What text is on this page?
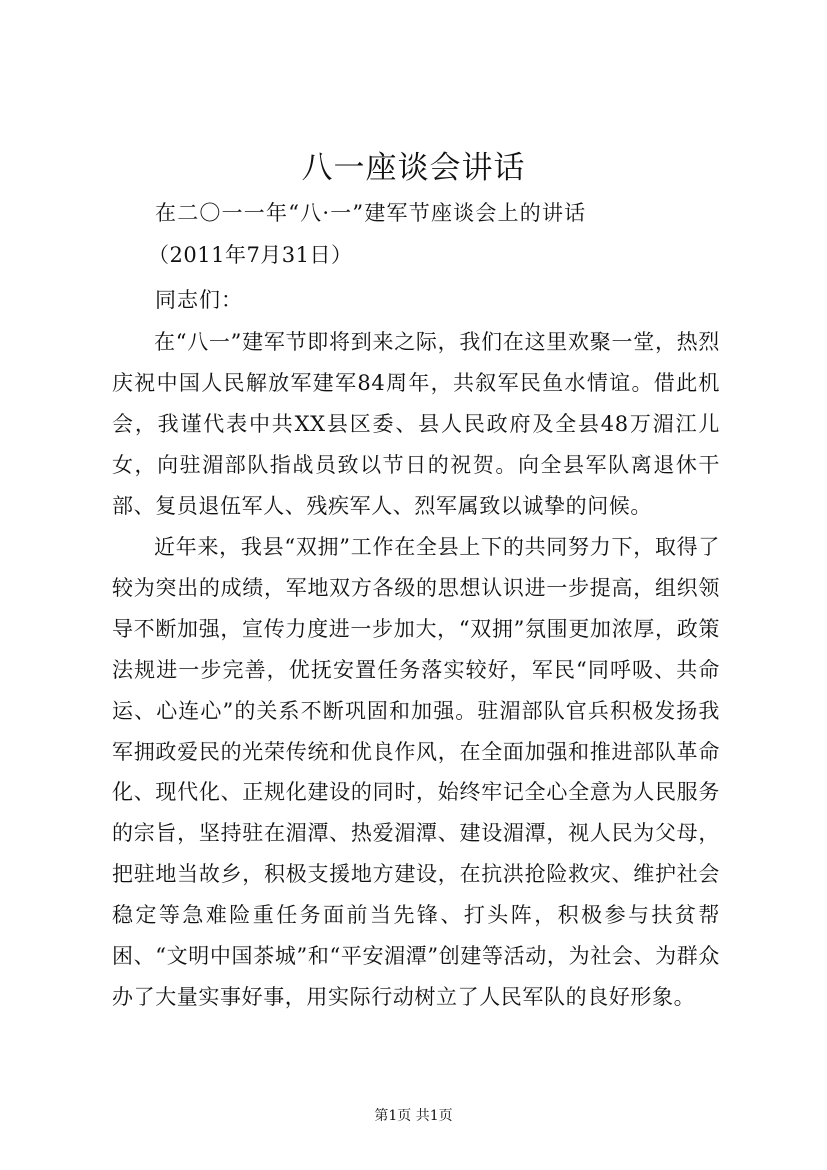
八一座谈会讲话
在二〇一一年“八·一”建军节座谈会上的讲话
（2011年7月31日）
同志们：
在“八一”建军节即将到来之际，我们在这里欢聚一堂，热烈庆祝中国人民解放军建军84周年，共叙军民鱼水情谊。借此机会，我谨代表中共XX县区委、县人民政府及全县48万湄江儿女，向驻湄部队指战员致以节日的祝贺。向全县军队离退休干部、复员退伍军人、残疾军人、烈军属致以诚挚的问候。
近年来，我县“双拥”工作在全县上下的共同努力下，取得了较为突出的成绩，军地双方各级的思想认识进一步提高，组织领导不断加强，宣传力度进一步加大，“双拥”氛围更加浓厚，政策法规进一步完善，优抚安置任务落实较好，军民“同呼吸、共命运、心连心”的关系不断巩固和加强。驻湄部队官兵积极发扬我军拥政爱民的光荣传统和优良作风，在全面加强和推进部队革命化、现代化、正规化建设的同时，始终牢记全心全意为人民服务的宗旨，坚持驻在湄潭、热爱湄潭、建设湄潭，视人民为父母，把驻地当故乡，积极支援地方建设，在抗洪抢险救灾、维护社会稳定等急难险重任务面前当先锋、打头阵，积极参与扶贫帮困、“文明中国茶城”和“平安湄潭”创建等活动，为社会、为群众办了大量实事好事，用实际行动树立了人民军队的良好形象。
第1页 共1页
